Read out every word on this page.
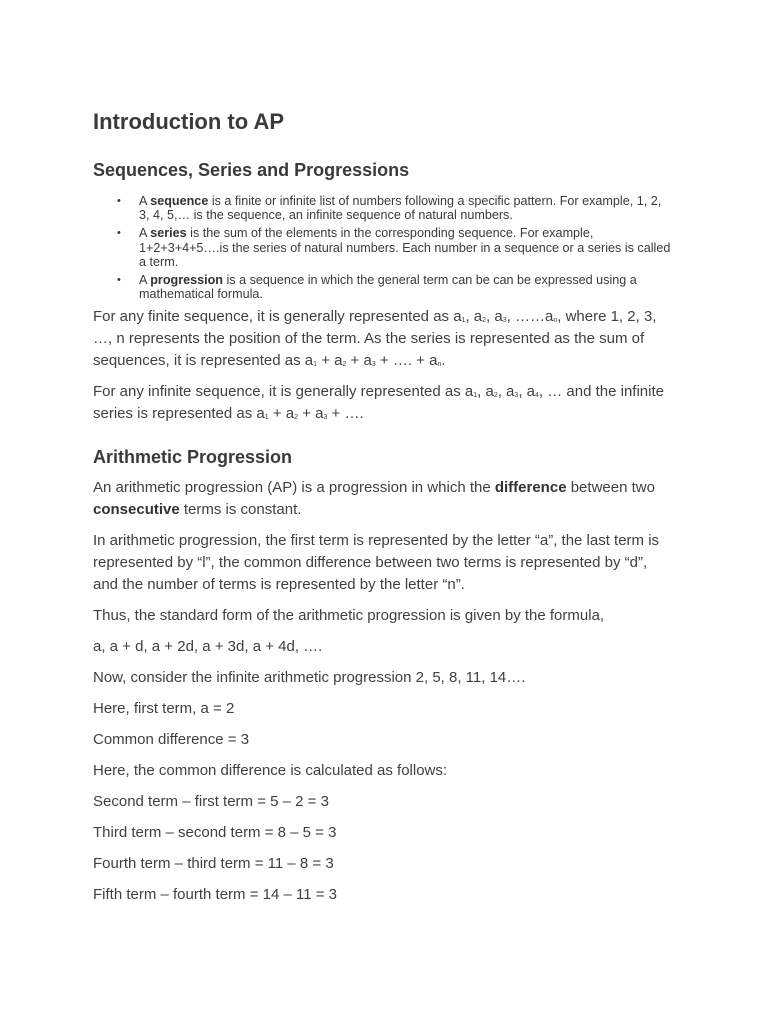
Introduction to AP
Sequences, Series and Progressions
• A sequence is a finite or infinite list of numbers following a specific pattern. For example, 1, 2, 3, 4, 5,… is the sequence, an infinite sequence of natural numbers.
• A series is the sum of the elements in the corresponding sequence. For example, 1+2+3+4+5….is the series of natural numbers. Each number in a sequence or a series is called a term.
• A progression is a sequence in which the general term can be can be expressed using a mathematical formula.

For any finite sequence, it is generally represented as $a_1$, $a_2$, $a_3$, $\dots\dots a_n$, where 1, 2, 3, …, n represents the position of the term. As the series is represented as the sum of sequences, it is represented as $a_1 + a_2 + a_3$ + …. + $a_n$.

For any infinite sequence, it is generally represented as $a_1$, $a_2$, $a_3$, $a_4$, … and the infinite series is represented as $a_1 + a_2 + a_3$ + ….

Arithmetic Progression

An arithmetic progression (AP) is a progression in which the difference between two consecutive terms is constant.

In arithmetic progression, the first term is represented by the letter “a”, the last term is represented by “l”, the common difference between two terms is represented by “d”, and the number of terms is represented by the letter “n”.

Thus, the standard form of the arithmetic progression is given by the formula,

a, a + d, a + 2d, a + 3d, a + 4d, ….

Now, consider the infinite arithmetic progression 2, 5, 8, 11, 14….

Here, first term, a = 2

Common difference = 3

Here, the common difference is calculated as follows:

Second term – first term = 5 – 2 = 3

Third term – second term = 8 – 5 = 3

Fourth term – third term = 11 – 8 = 3

Fifth term – fourth term = 14 – 11 = 3
